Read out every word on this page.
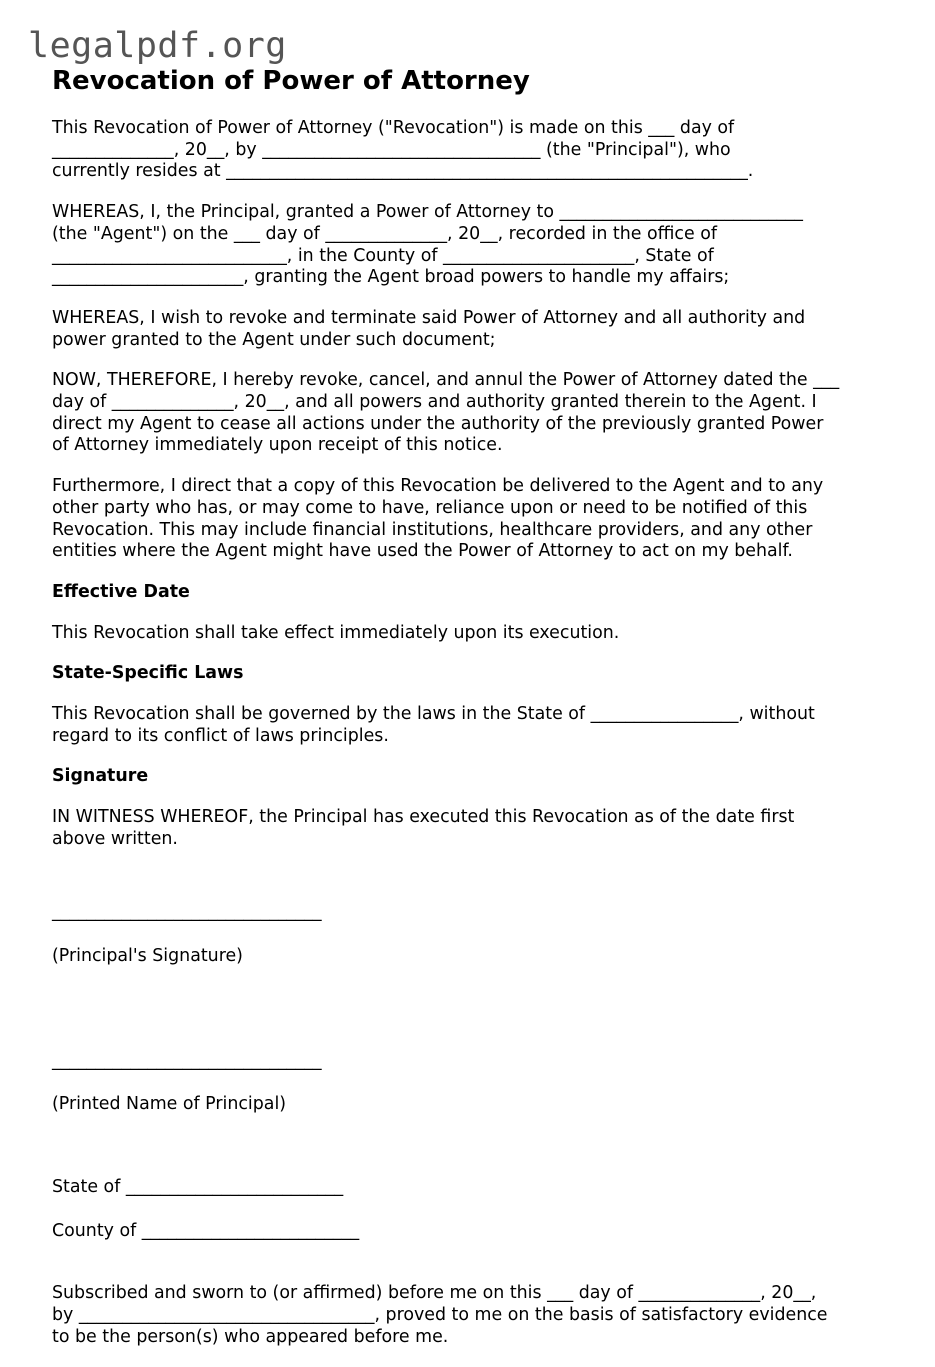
legalpdf.org
Revocation of Power of Attorney
This Revocation of Power of Attorney ("Revocation") is made on this ___ day of
______________, 20__, by ________________________________ (the "Principal"), who
currently resides at ____________________________________________________________.
WHEREAS, I, the Principal, granted a Power of Attorney to ____________________________
(the "Agent") on the ___ day of ______________, 20__, recorded in the office of
___________________________, in the County of ______________________, State of
______________________, granting the Agent broad powers to handle my affairs;
WHEREAS, I wish to revoke and terminate said Power of Attorney and all authority and
power granted to the Agent under such document;
NOW, THEREFORE, I hereby revoke, cancel, and annul the Power of Attorney dated the ___
day of ______________, 20__, and all powers and authority granted therein to the Agent. I
direct my Agent to cease all actions under the authority of the previously granted Power
of Attorney immediately upon receipt of this notice.
Furthermore, I direct that a copy of this Revocation be delivered to the Agent and to any
other party who has, or may come to have, reliance upon or need to be notified of this
Revocation. This may include financial institutions, healthcare providers, and any other
entities where the Agent might have used the Power of Attorney to act on my behalf.
Effective Date
This Revocation shall take effect immediately upon its execution.
State-Specific Laws
This Revocation shall be governed by the laws in the State of _________________, without
regard to its conflict of laws principles.
Signature
IN WITNESS WHEREOF, the Principal has executed this Revocation as of the date first
above written.

_______________________________

(Principal's Signature)

_______________________________

(Printed Name of Principal)

State of _________________________

County of _________________________

Subscribed and sworn to (or affirmed) before me on this ___ day of ______________, 20__,
by __________________________________, proved to me on the basis of satisfactory evidence
to be the person(s) who appeared before me.
